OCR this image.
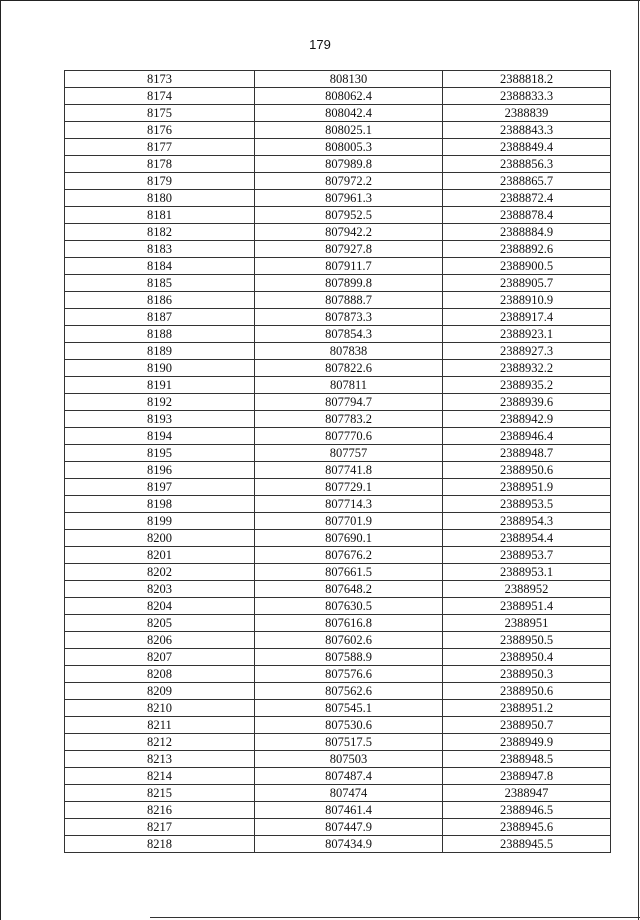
179
8173	808130	2388818.2
8174	808062.4	2388833.3
8175	808042.4	2388839
8176	808025.1	2388843.3
8177	808005.3	2388849.4
8178	807989.8	2388856.3
8179	807972.2	2388865.7
8180	807961.3	2388872.4
8181	807952.5	2388878.4
8182	807942.2	2388884.9
8183	807927.8	2388892.6
8184	807911.7	2388900.5
8185	807899.8	2388905.7
8186	807888.7	2388910.9
8187	807873.3	2388917.4
8188	807854.3	2388923.1
8189	807838	2388927.3
8190	807822.6	2388932.2
8191	807811	2388935.2
8192	807794.7	2388939.6
8193	807783.2	2388942.9
8194	807770.6	2388946.4
8195	807757	2388948.7
8196	807741.8	2388950.6
8197	807729.1	2388951.9
8198	807714.3	2388953.5
8199	807701.9	2388954.3
8200	807690.1	2388954.4
8201	807676.2	2388953.7
8202	807661.5	2388953.1
8203	807648.2	2388952
8204	807630.5	2388951.4
8205	807616.8	2388951
8206	807602.6	2388950.5
8207	807588.9	2388950.4
8208	807576.6	2388950.3
8209	807562.6	2388950.6
8210	807545.1	2388951.2
8211	807530.6	2388950.7
8212	807517.5	2388949.9
8213	807503	2388948.5
8214	807487.4	2388947.8
8215	807474	2388947
8216	807461.4	2388946.5
8217	807447.9	2388945.6
8218	807434.9	2388945.5
